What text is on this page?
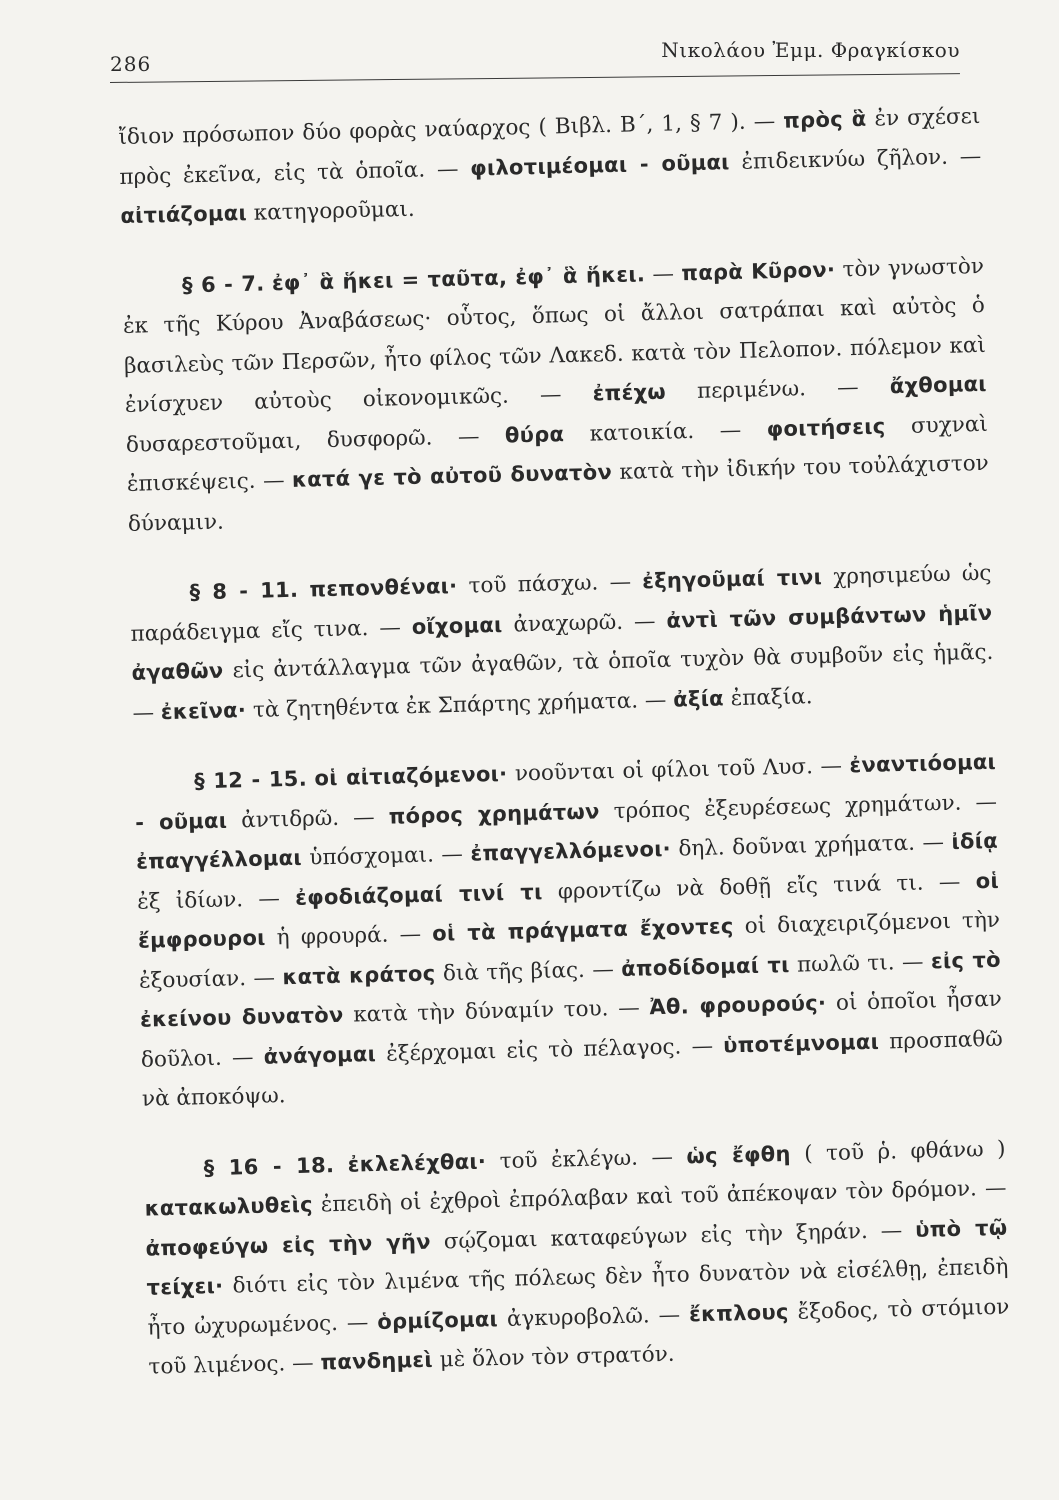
286
Νικολάου Ἐμμ. Φραγκίσκου

ἴδιον πρόσωπον δύο φορὰς ναύαρχος ( Βιβλ. Β΄, 1, § 7 ). — πρὸς ἃ ἐν σχέσει πρὸς ἐκεῖνα, εἰς τὰ ὁποῖα. — φιλοτιμέομαι - οῦμαι ἐπιδεικνύω ζῆλον. — αἰτιάζομαι κατηγοροῦμαι.

§ 6 - 7. ἐφ᾽ ἃ ἥκει = ταῦτα, ἐφ᾽ ἃ ἥκει. — παρὰ Κῦρον· τὸν γνωστὸν ἐκ τῆς Κύρου Ἀναβάσεως· οὗτος, ὅπως οἱ ἄλλοι σατράπαι καὶ αὐτὸς ὁ βασιλεὺς τῶν Περσῶν, ἦτο φίλος τῶν Λακεδ. κατὰ τὸν Πελοπον. πόλεμον καὶ ἐνίσχυεν αὐτοὺς οἰκονομικῶς. — ἐπέχω περιμένω. — ἄχθομαι δυσαρεστοῦμαι, δυσφορῶ. — θύρα κατοικία. — φοιτήσεις συχναὶ ἐπισκέψεις. — κατά γε τὸ αὐτοῦ δυνατὸν κατὰ τὴν ἰδικήν του τοὐλάχιστον δύναμιν.

§ 8 - 11. πεπονθέναι· τοῦ πάσχω. — ἐξηγοῦμαί τινι χρησιμεύω ὡς παράδειγμα εἴς τινα. — οἴχομαι ἀναχωρῶ. — ἀντὶ τῶν συμβάντων ἡμῖν ἀγαθῶν εἰς ἀντάλλαγμα τῶν ἀγαθῶν, τὰ ὁποῖα τυχὸν θὰ συμβοῦν εἰς ἡμᾶς. — ἐκεῖνα· τὰ ζητηθέντα ἐκ Σπάρτης χρήματα. — ἀξία ἐπαξία.

§ 12 - 15. οἱ αἰτιαζόμενοι· νοοῦνται οἱ φίλοι τοῦ Λυσ. — ἐναντιόομαι - οῦμαι ἀντιδρῶ. — πόρος χρημάτων τρόπος ἐξευρέσεως χρημάτων. — ἐπαγγέλλομαι ὑπόσχομαι. — ἐπαγγελλόμενοι· δηλ. δοῦναι χρήματα. — ἰδίᾳ ἐξ ἰδίων. — ἐφοδιάζομαί τινί τι φροντίζω νὰ δοθῇ εἴς τινά τι. — οἱ ἔμφρουροι ἡ φρουρά. — οἱ τὰ πράγματα ἔχοντες οἱ διαχειριζόμενοι τὴν ἐξουσίαν. — κατὰ κράτος διὰ τῆς βίας. — ἀποδίδομαί τι πωλῶ τι. — εἰς τὸ ἐκείνου δυνατὸν κατὰ τὴν δύναμίν του. — Ἀθ. φρουρούς· οἱ ὁποῖοι ἦσαν δοῦλοι. — ἀνάγομαι ἐξέρχομαι εἰς τὸ πέλαγος. — ὑποτέμνομαι προσπαθῶ νὰ ἀποκόψω.

§ 16 - 18. ἐκλελέχθαι· τοῦ ἐκλέγω. — ὡς ἔφθη ( τοῦ ῥ. φθάνω ) κατακωλυθεὶς ἐπειδὴ οἱ ἐχθροὶ ἐπρόλαβαν καὶ τοῦ ἀπέκοψαν τὸν δρόμον. — ἀποφεύγω εἰς τὴν γῆν σῴζομαι καταφεύγων εἰς τὴν ξηράν. — ὑπὸ τῷ τείχει· διότι εἰς τὸν λιμένα τῆς πόλεως δὲν ἦτο δυνατὸν νὰ εἰσέλθῃ, ἐπειδὴ ἦτο ὠχυρωμένος. — ὁρμίζομαι ἀγκυροβολῶ. — ἔκπλους ἔξοδος, τὸ στόμιον τοῦ λιμένος. — πανδημεὶ μὲ ὅλον τὸν στρατόν.
